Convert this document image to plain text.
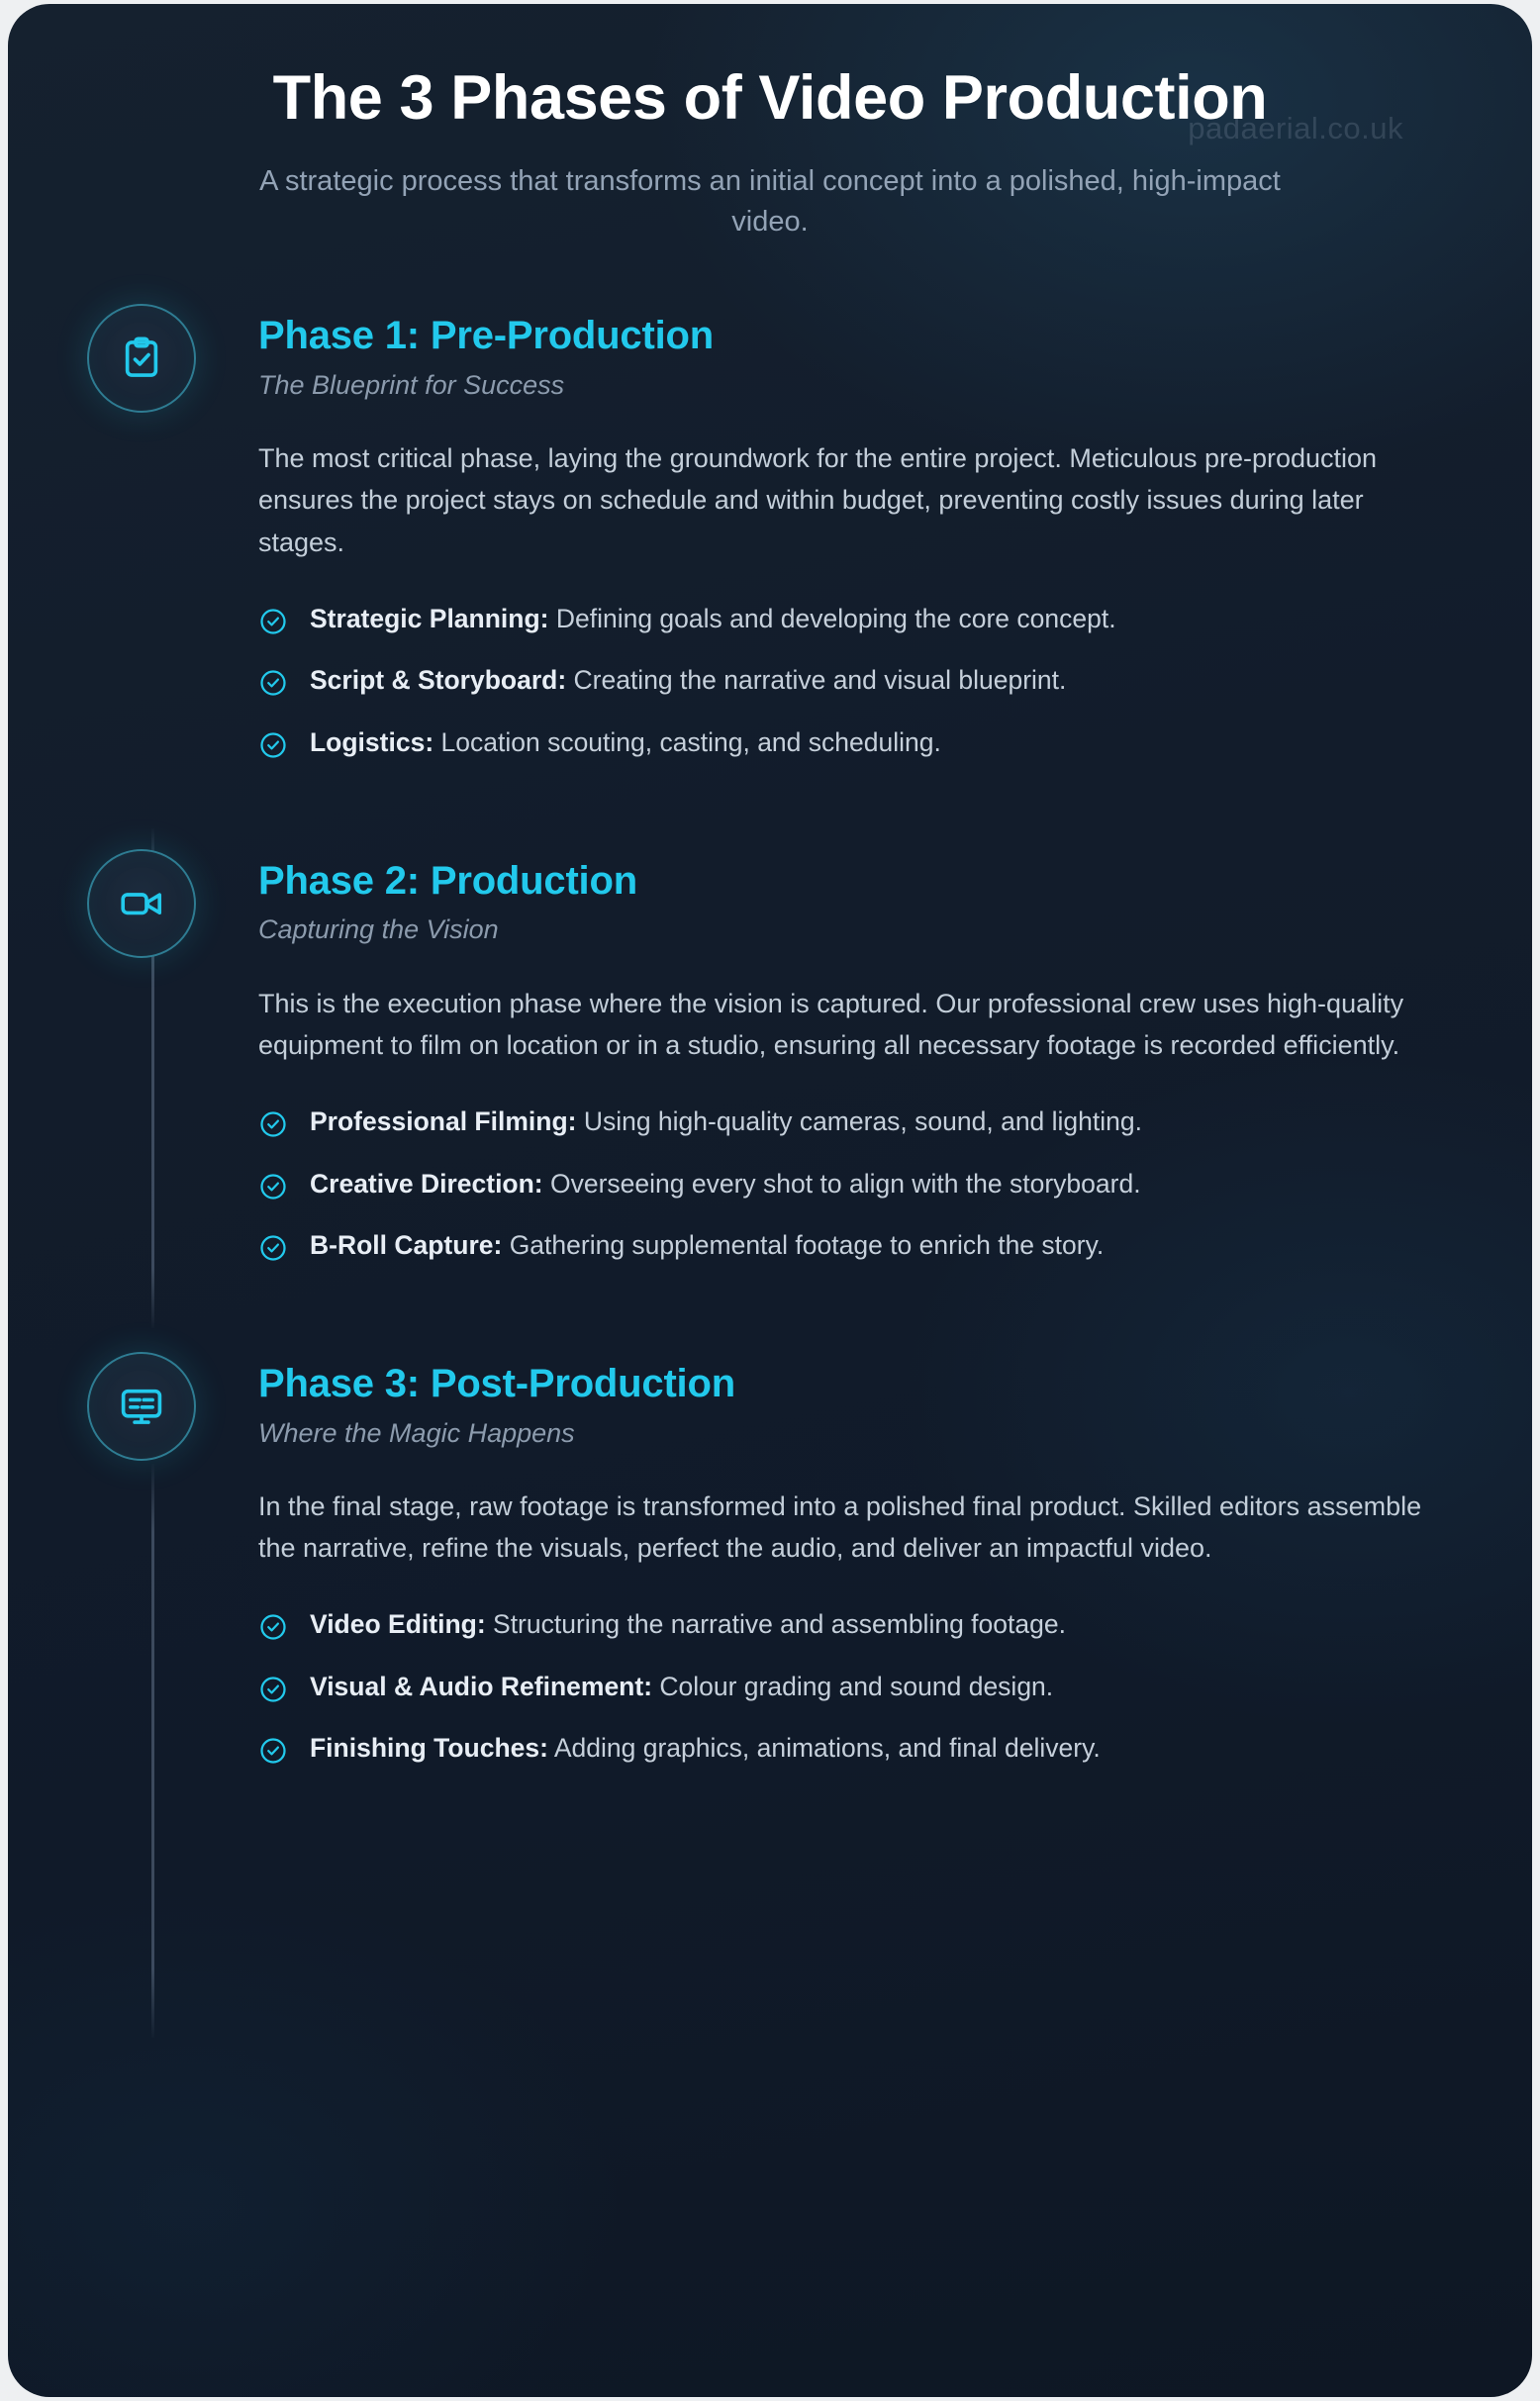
padaerial.co.uk
The 3 Phases of Video Production

A strategic process that transforms an initial concept into a polished, high-impact video.

Phase 1: Pre-Production

The Blueprint for Success

The most critical phase, laying the groundwork for the entire project. Meticulous pre-production ensures the project stays on schedule and within budget, preventing costly issues during later stages.

Strategic Planning: Defining goals and developing the core concept.
Script & Storyboard: Creating the narrative and visual blueprint.
Logistics: Location scouting, casting, and scheduling.
Phase 2: Production

Capturing the Vision

This is the execution phase where the vision is captured. Our professional crew uses high-quality equipment to film on location or in a studio, ensuring all necessary footage is recorded efficiently.

Professional Filming: Using high-quality cameras, sound, and lighting.
Creative Direction: Overseeing every shot to align with the storyboard.
B-Roll Capture: Gathering supplemental footage to enrich the story.
Phase 3: Post-Production

Where the Magic Happens

In the final stage, raw footage is transformed into a polished final product. Skilled editors assemble the narrative, refine the visuals, perfect the audio, and deliver an impactful video.

Video Editing: Structuring the narrative and assembling footage.
Visual & Audio Refinement: Colour grading and sound design.
Finishing Touches: Adding graphics, animations, and final delivery.
